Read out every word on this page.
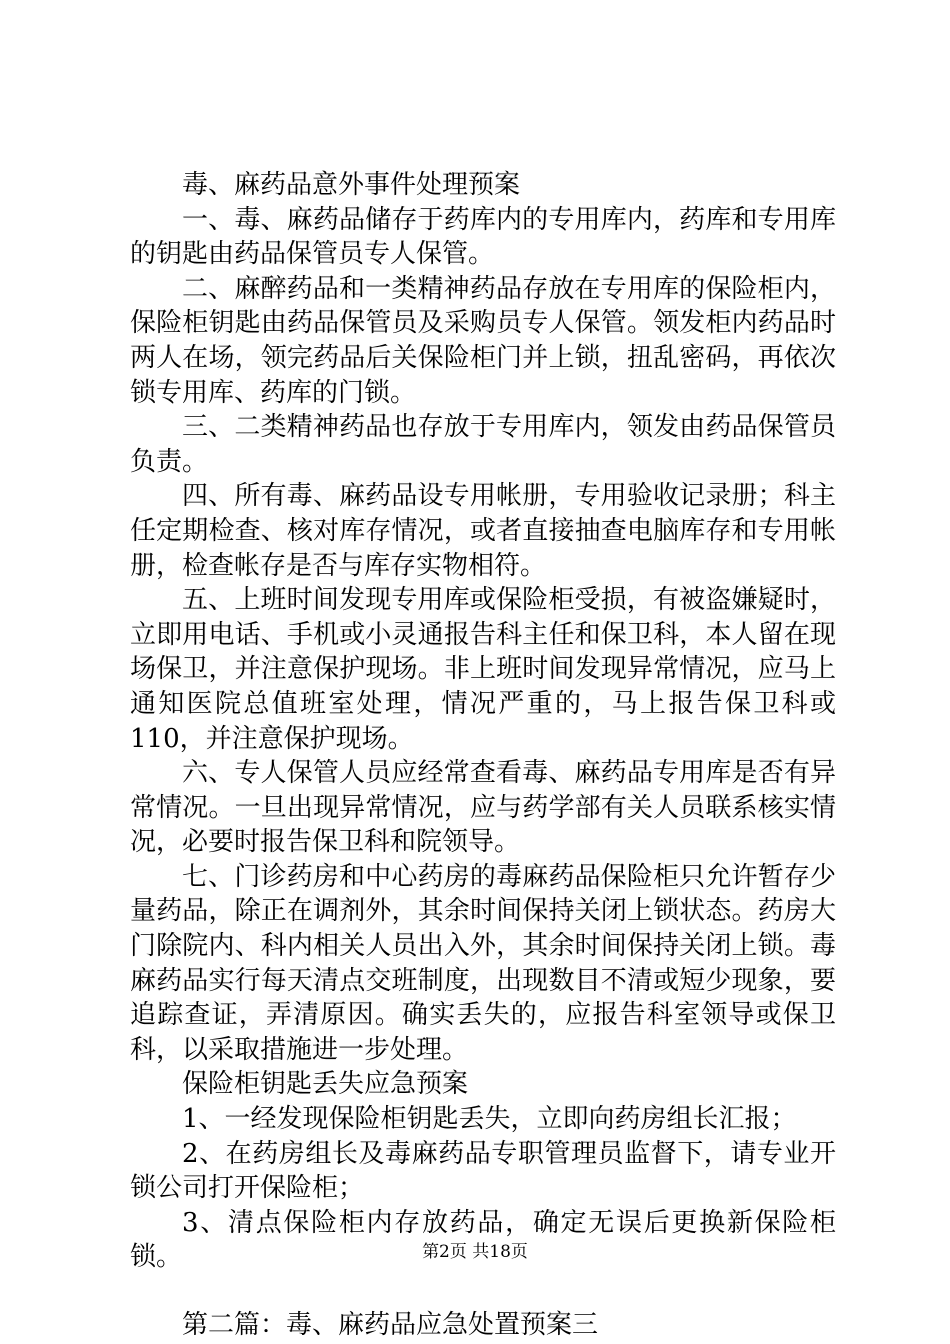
毒、麻药品意外事件处理预案

一、毒、麻药品储存于药库内的专用库内，药库和专用库的钥匙由药品保管员专人保管。

二、麻醉药品和一类精神药品存放在专用库的保险柜内，保险柜钥匙由药品保管员及采购员专人保管。领发柜内药品时两人在场，领完药品后关保险柜门并上锁，扭乱密码，再依次锁专用库、药库的门锁。

三、二类精神药品也存放于专用库内，领发由药品保管员负责。

四、所有毒、麻药品设专用帐册，专用验收记录册；科主任定期检查、核对库存情况，或者直接抽查电脑库存和专用帐册，检查帐存是否与库存实物相符。

五、上班时间发现专用库或保险柜受损，有被盗嫌疑时，立即用电话、手机或小灵通报告科主任和保卫科，本人留在现场保卫，并注意保护现场。非上班时间发现异常情况，应马上通知医院总值班室处理，情况严重的，马上报告保卫科或110，并注意保护现场。

六、专人保管人员应经常查看毒、麻药品专用库是否有异常情况。一旦出现异常情况，应与药学部有关人员联系核实情况，必要时报告保卫科和院领导。

七、门诊药房和中心药房的毒麻药品保险柜只允许暂存少量药品，除正在调剂外，其余时间保持关闭上锁状态。药房大门除院内、科内相关人员出入外，其余时间保持关闭上锁。毒麻药品实行每天清点交班制度，出现数目不清或短少现象，要追踪查证，弄清原因。确实丢失的，应报告科室领导或保卫科，以采取措施进一步处理。

保险柜钥匙丢失应急预案

1、一经发现保险柜钥匙丢失，立即向药房组长汇报；

2、在药房组长及毒麻药品专职管理员监督下，请专业开锁公司打开保险柜；

3、清点保险柜内存放药品，确定无误后更换新保险柜锁。

第二篇：毒、麻药品应急处置预案三

第2页 共18页
